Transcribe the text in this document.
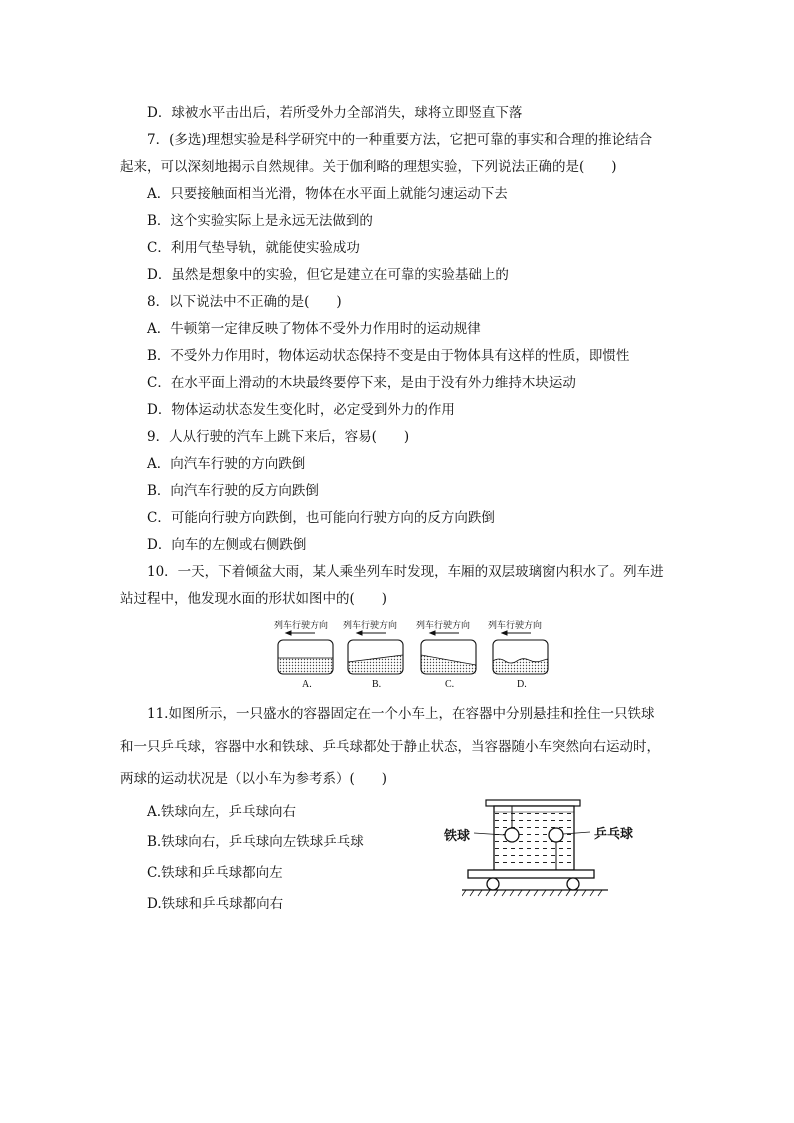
D．球被水平击出后，若所受外力全部消失，球将立即竖直下落
7．(多选)理想实验是科学研究中的一种重要方法，它把可靠的事实和合理的推论结合
起来，可以深刻地揭示自然规律。关于伽利略的理想实验，下列说法正确的是(　　)
A．只要接触面相当光滑，物体在水平面上就能匀速运动下去
B．这个实验实际上是永远无法做到的
C．利用气垫导轨，就能使实验成功
D．虽然是想象中的实验，但它是建立在可靠的实验基础上的
8．以下说法中不正确的是(　　)
A．牛顿第一定律反映了物体不受外力作用时的运动规律
B．不受外力作用时，物体运动状态保持不变是由于物体具有这样的性质，即惯性
C．在水平面上滑动的木块最终要停下来，是由于没有外力维持木块运动
D．物体运动状态发生变化时，必定受到外力的作用
9．人从行驶的汽车上跳下来后，容易(　　)
A．向汽车行驶的方向跌倒
B．向汽车行驶的反方向跌倒
C．可能向行驶方向跌倒，也可能向行驶方向的反方向跌倒
D．向车的左侧或右侧跌倒
10．一天，下着倾盆大雨，某人乘坐列车时发现，车厢的双层玻璃窗内积水了。列车进
站过程中，他发现水面的形状如图中的(　　)
列车行驶方向 列车行驶方向 列车行驶方向 列车行驶方向
A.	B.	C.	D.
11.如图所示，一只盛水的容器固定在一个小车上，在容器中分别悬挂和拴住一只铁球
和一只乒乓球，容器中水和铁球、乒乓球都处于静止状态，当容器随小车突然向右运动时，
两球的运动状况是（以小车为参考系）(　　)
A.铁球向左，乒乓球向右
B.铁球向右，乒乓球向左铁球乒乓球
C.铁球和乒乓球都向左
D.铁球和乒乓球都向右
铁球	乒乓球
